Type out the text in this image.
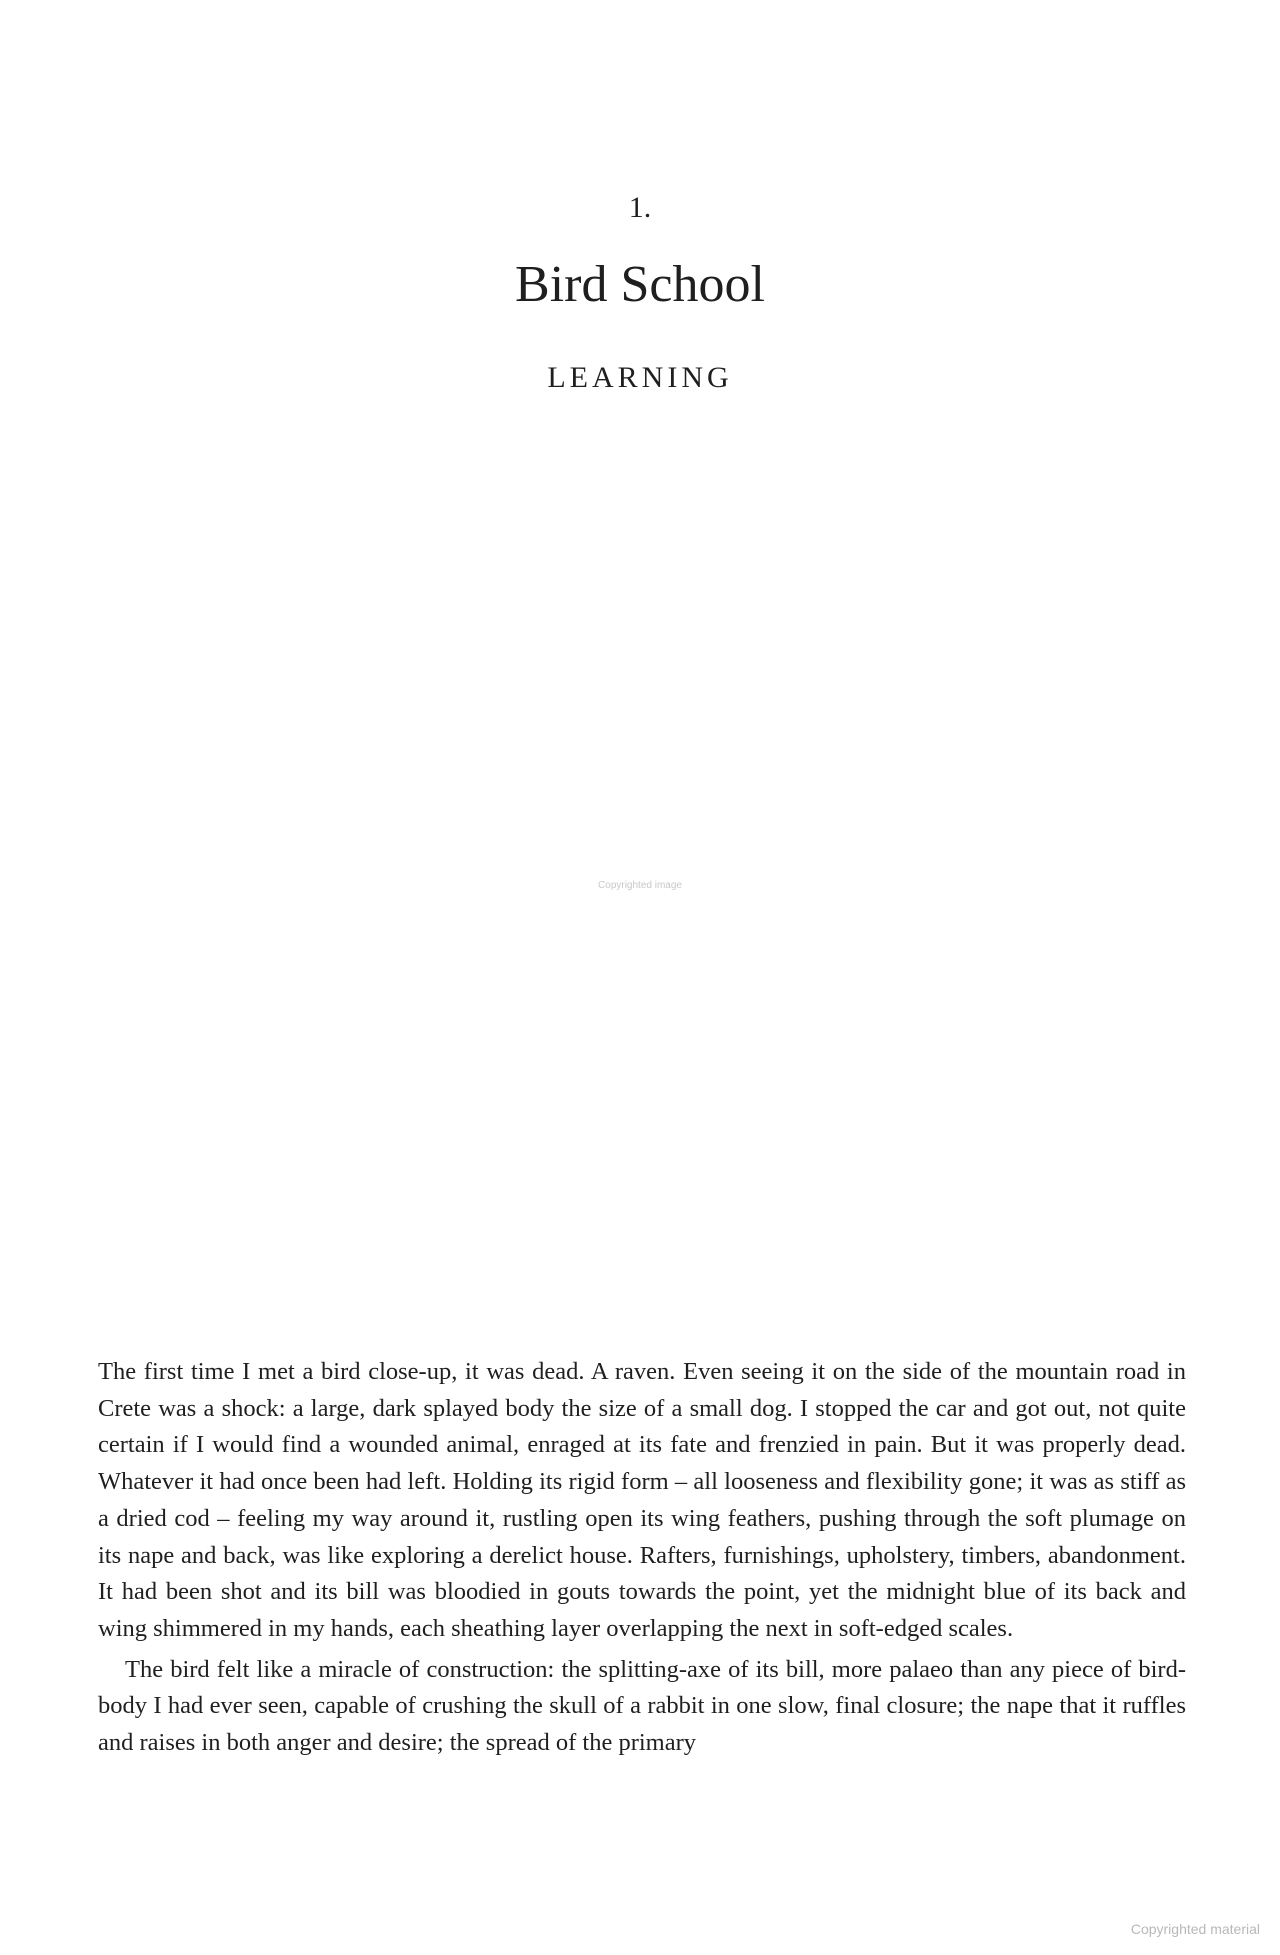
1.
Bird School
LEARNING
Copyrighted image

The first time I met a bird close-up, it was dead. A raven. Even seeing it on the side of the mountain road in Crete was a shock: a large, dark splayed body the size of a small dog. I stopped the car and got out, not quite certain if I would find a wounded animal, enraged at its fate and frenzied in pain. But it was properly dead. Whatever it had once been had left. Holding its rigid form – all looseness and flexibility gone; it was as stiff as a dried cod – feeling my way around it, rustling open its wing feathers, pushing through the soft plumage on its nape and back, was like exploring a derelict house. Rafters, furnishings, upholstery, timbers, abandonment. It had been shot and its bill was bloodied in gouts towards the point, yet the midnight blue of its back and wing shimmered in my hands, each sheathing layer overlapping the next in soft-edged scales.

The bird felt like a miracle of construction: the splitting-axe of its bill, more palaeo than any piece of bird-body I had ever seen, capable of crushing the skull of a rabbit in one slow, final closure; the nape that it ruffles and raises in both anger and desire; the spread of the primary

Copyrighted material
